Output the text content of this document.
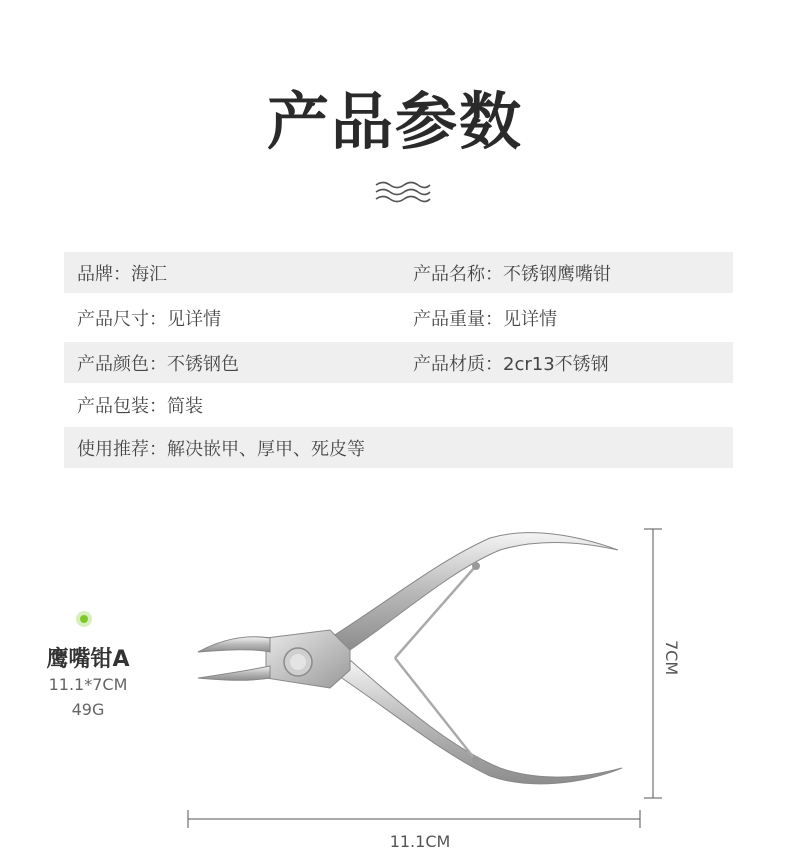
产品参数
品牌：海汇	产品名称：不锈钢鹰嘴钳
产品尺寸：见详情	产品重量：见详情
产品颜色：不锈钢色	产品材质：2cr13不锈钢
产品包装：简装
使用推荐：解决嵌甲、厚甲、死皮等
鹰嘴钳A
11.1*7CM
49G
7CM
11.1CM
